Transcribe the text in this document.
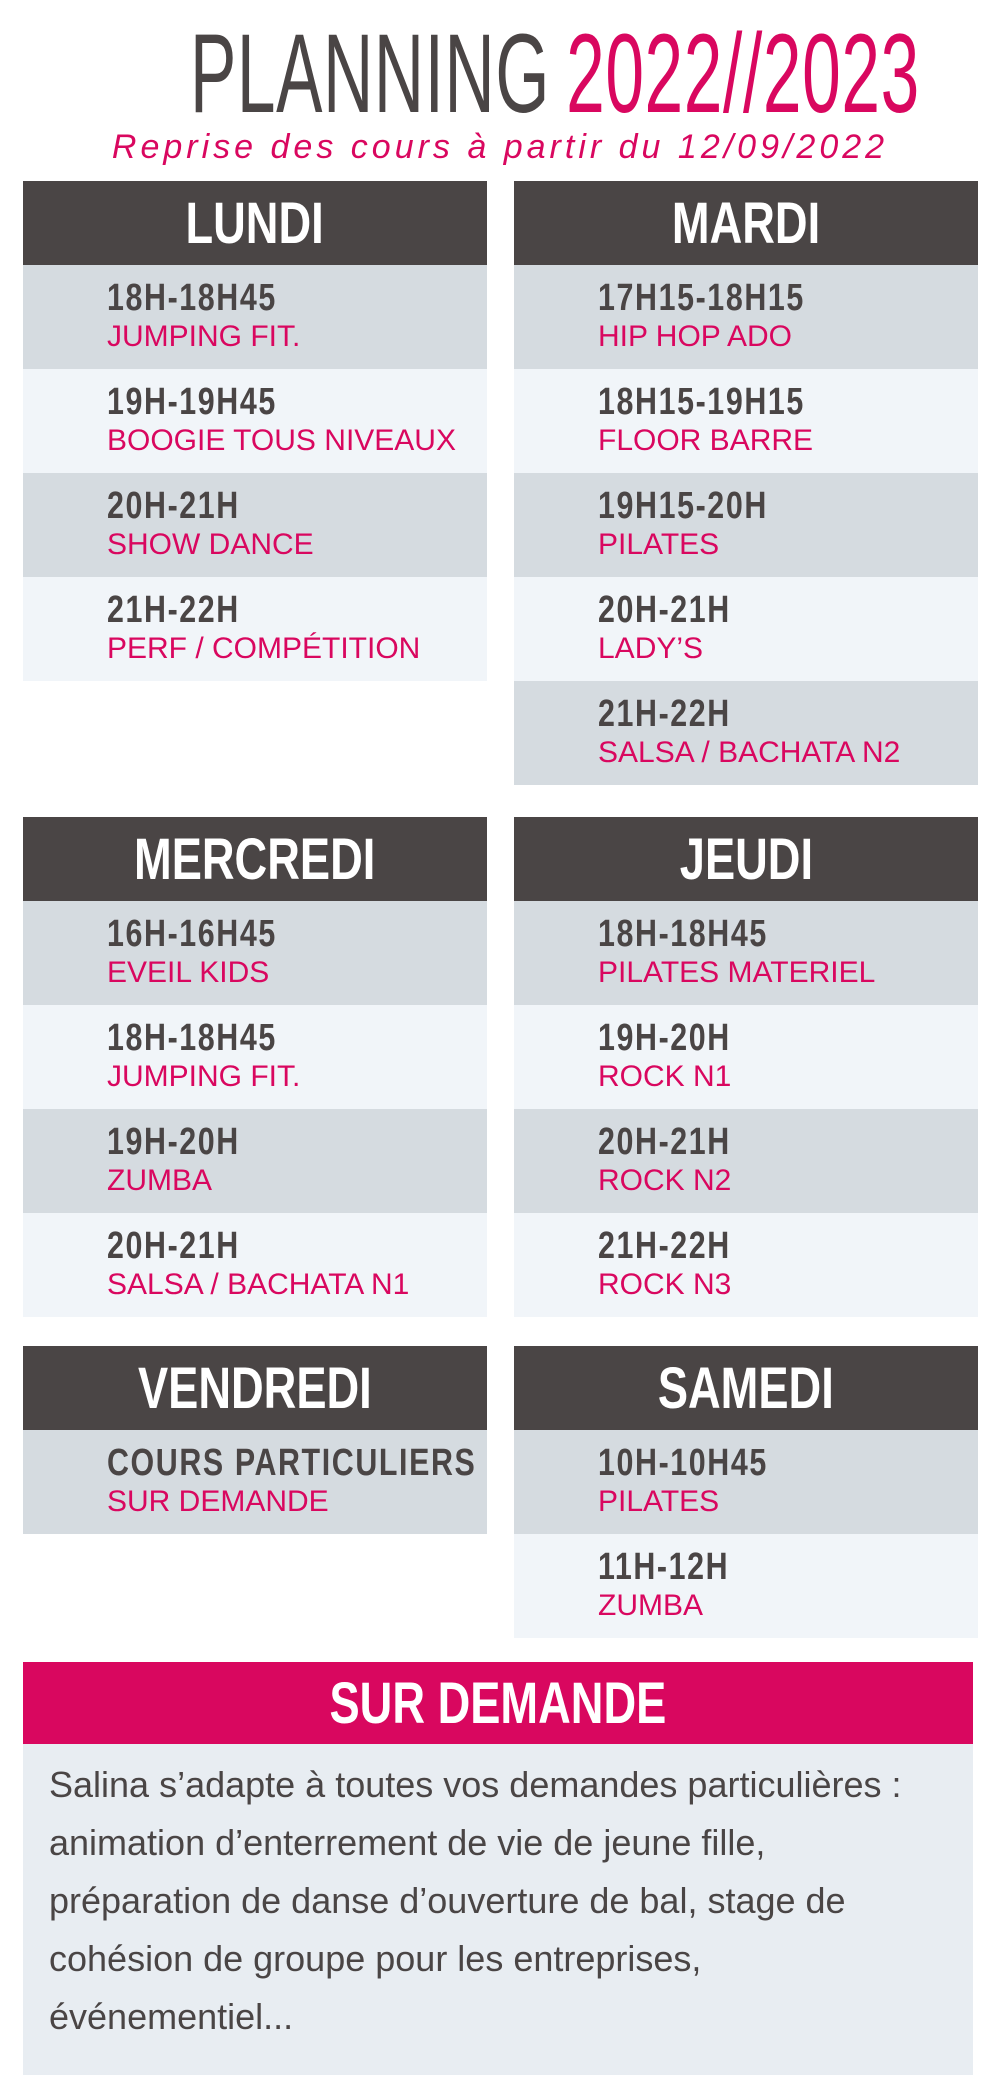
PLANNING 2022//2023
Reprise des cours à partir du 12/09/2022
LUNDI
18H-18H45
JUMPING FIT.
19H-19H45
BOOGIE TOUS NIVEAUX
20H-21H
SHOW DANCE
21H-22H
PERF / COMPÉTITION
MARDI
17H15-18H15
HIP HOP ADO
18H15-19H15
FLOOR BARRE
19H15-20H
PILATES
20H-21H
LADY’S
21H-22H
SALSA / BACHATA N2
MERCREDI
16H-16H45
EVEIL KIDS
18H-18H45
JUMPING FIT.
19H-20H
ZUMBA
20H-21H
SALSA / BACHATA N1
JEUDI
18H-18H45
PILATES MATERIEL
19H-20H
ROCK N1
20H-21H
ROCK N2
21H-22H
ROCK N3
VENDREDI
COURS PARTICULIERS
SUR DEMANDE
SAMEDI
10H-10H45
PILATES
11H-12H
ZUMBA
SUR DEMANDE
Salina s’adapte à toutes vos demandes particulières : animation d’enterrement de vie de jeune fille, préparation de danse d’ouverture de bal, stage de cohésion de groupe pour les entreprises, événementiel...
